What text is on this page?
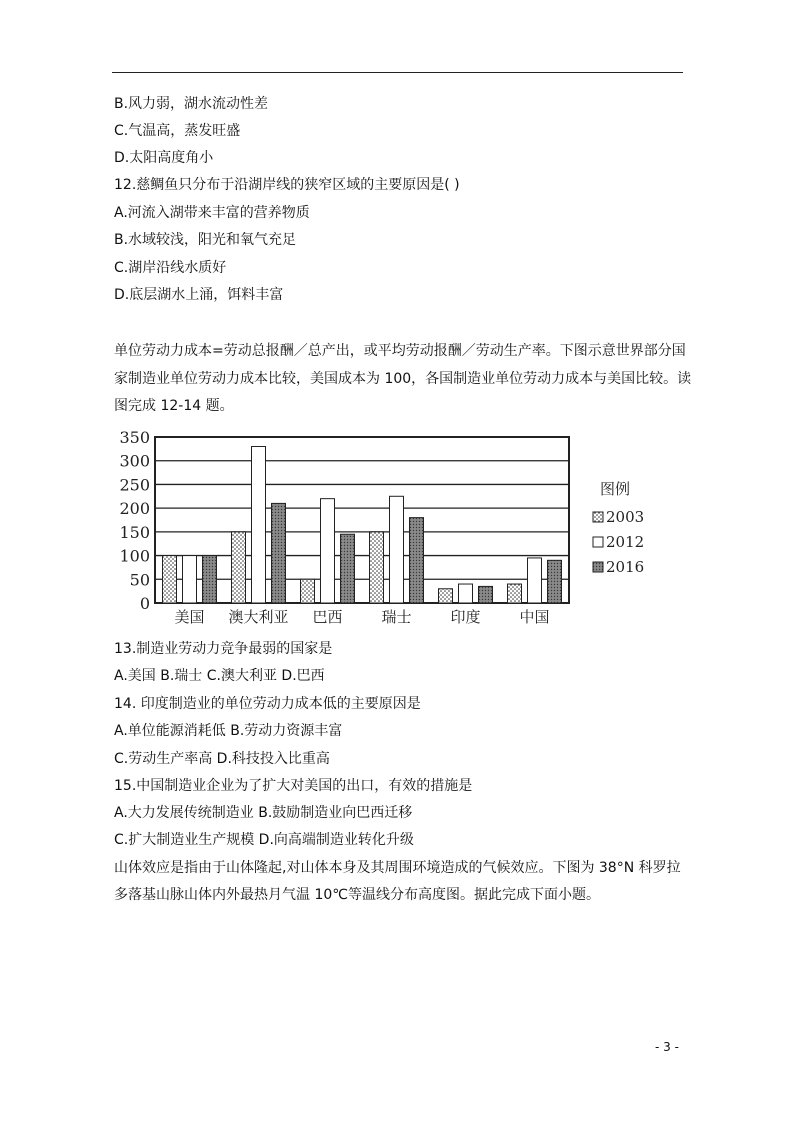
B.风力弱，湖水流动性差
C.气温高，蒸发旺盛
D.太阳高度角小
12.慈鲷鱼只分布于沿湖岸线的狭窄区域的主要原因是( )
A.河流入湖带来丰富的营养物质
B.水域较浅，阳光和氧气充足
C.湖岸沿线水质好
D.底层湖水上涌，饵料丰富
单位劳动力成本=劳动总报酬／总产出，或平均劳动报酬／劳动生产率。下图示意世界部分国
家制造业单位劳动力成本比较，美国成本为 100，各国制造业单位劳动力成本与美国比较。读
图完成 12-14 题。
0
50
100
150
200
250
300
350
美国 澳大利亚 巴西	瑞士	印度	中国
图例
2003
2012
2016
13.制造业劳动力竞争最弱的国家是
A.美国 B.瑞士 C.澳大利亚 D.巴西
14. 印度制造业的单位劳动力成本低的主要原因是
A.单位能源消耗低 B.劳动力资源丰富
C.劳动生产率高 D.科技投入比重高
15.中国制造业企业为了扩大对美国的出口，有效的措施是
A.大力发展传统制造业 B.鼓励制造业向巴西迁移
C.扩大制造业生产规模 D.向高端制造业转化升级
山体效应是指由于山体隆起,对山体本身及其周围环境造成的气候效应。下图为 38°N 科罗拉
多落基山脉山体内外最热月气温 10℃等温线分布高度图。据此完成下面小题。
- 3 -
